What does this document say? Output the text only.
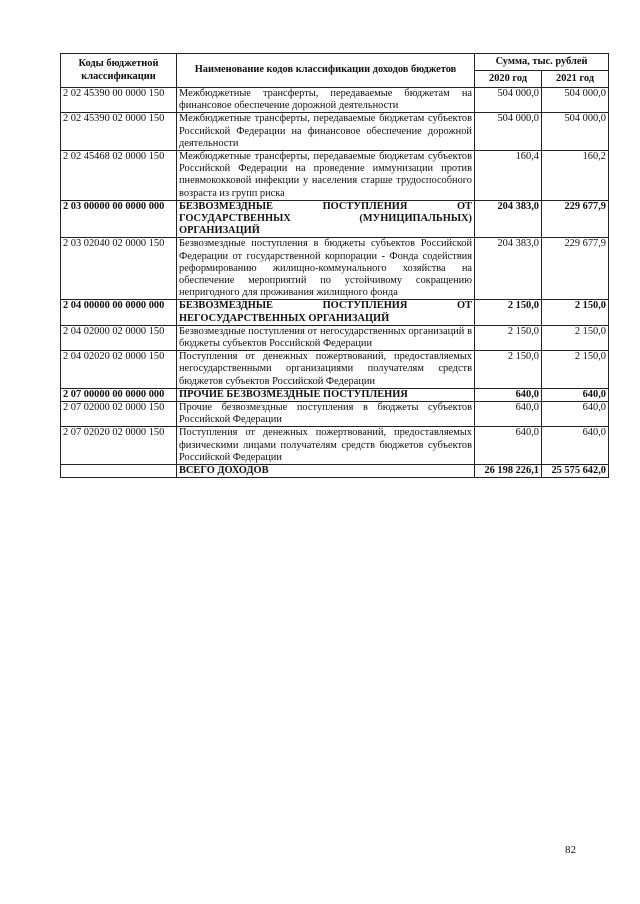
Коды бюджетной классификации	Наименование кодов классификации доходов бюджетов	Сумма, тыс. рублей	
		2020 год	2021 год
2 02 45390 00 0000 150	Межбюджетные трансферты, передаваемые бюджетам на финансовое обеспечение дорожной деятельности	504 000,0	504 000,0
2 02 45390 02 0000 150	Межбюджетные трансферты, передаваемые бюджетам субъектов Российской Федерации на финансовое обеспечение дорожной деятельности	504 000,0	504 000,0
2 02 45468 02 0000 150	Межбюджетные трансферты, передаваемые бюджетам субъектов Российской Федерации на проведение иммунизации против пневмококковой инфекции у населения старше трудоспособного возраста из групп риска	160,4	160,2
2 03 00000 00 0000 000	БЕЗВОЗМЕЗДНЫЕ ПОСТУПЛЕНИЯ ОТ ГОСУДАРСТВЕННЫХ (МУНИЦИПАЛЬНЫХ) ОРГАНИЗАЦИЙ	204 383,0	229 677,9
2 03 02040 02 0000 150	Безвозмездные поступления в бюджеты субъектов Российской Федерации от государственной корпорации - Фонда содействия реформированию жилищно-коммунального хозяйства на обеспечение мероприятий по устойчивому сокращению непригодного для проживания жилищного фонда	204 383,0	229 677,9
2 04 00000 00 0000 000	БЕЗВОЗМЕЗДНЫЕ ПОСТУПЛЕНИЯ ОТ НЕГОСУДАРСТВЕННЫХ ОРГАНИЗАЦИЙ	2 150,0	2 150,0
2 04 02000 02 0000 150	Безвозмездные поступления от негосударственных организаций в бюджеты субъектов Российской Федерации	2 150,0	2 150,0
2 04 02020 02 0000 150	Поступления от денежных пожертвований, предоставляемых негосударственными организациями получателям средств бюджетов субъектов Российской Федерации	2 150,0	2 150,0
2 07 00000 00 0000 000	ПРОЧИЕ БЕЗВОЗМЕЗДНЫЕ ПОСТУПЛЕНИЯ	640,0	640,0
2 07 02000 02 0000 150	Прочие безвозмездные поступления в бюджеты субъектов Российской Федерации	640,0	640,0
2 07 02020 02 0000 150	Поступления от денежных пожертвований, предоставляемых физическими лицами получателям средств бюджетов субъектов Российской Федерации	640,0	640,0
	ВСЕГО ДОХОДОВ	26 198 226,1	25 575 642,0
82
